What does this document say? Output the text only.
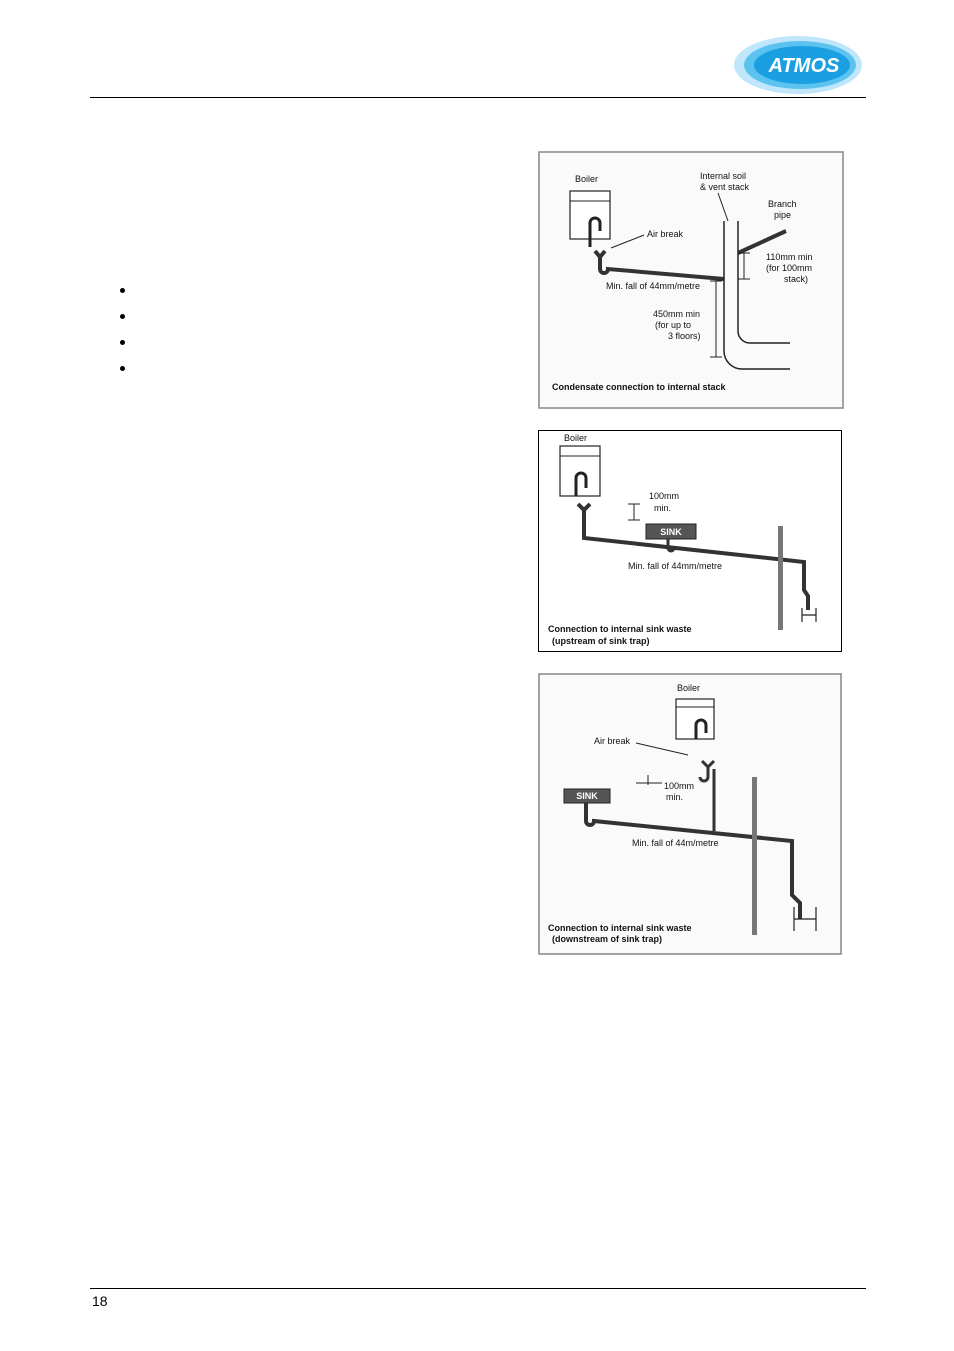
ATMOS
Boiler
Air break
Internal soil
& vent stack
Branch
pipe
110mm min
(for 100mm
stack)
Min. fall of 44mm/metre
450mm min
(for up to
3 floors)
Condensate connection to internal stack
Boiler
SINK
100mm
min.
Min. fall of 44mm/metre
Connection to internal sink waste
(upstream of sink trap)
Boiler
Air break
SINK
100mm
min.
Min. fall of 44m/metre
Connection to internal sink waste
(downstream of sink trap)
18
